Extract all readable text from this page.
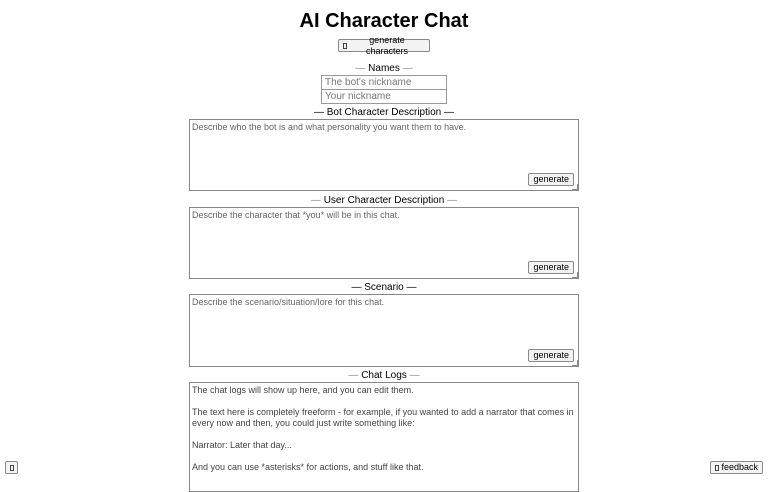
AI Character Chat
generate characters
— Names —
The bot's nickname
Your nickname
— Bot Character Description —
Describe who the bot is and what personality you want them to have.
generate
— User Character Description —
Describe the character that *you* will be in this chat.
generate
— Scenario —
Describe the scenario/situation/lore for this chat.
generate
— Chat Logs —

The chat logs will show up here, and you can edit them.

The text here is completely freeform - for example, if you wanted to add a narrator that comes in every now and then, you could just write something like:

Narrator: Later that day...

And you can use *asterisks* for actions, and stuff like that.	feedback
